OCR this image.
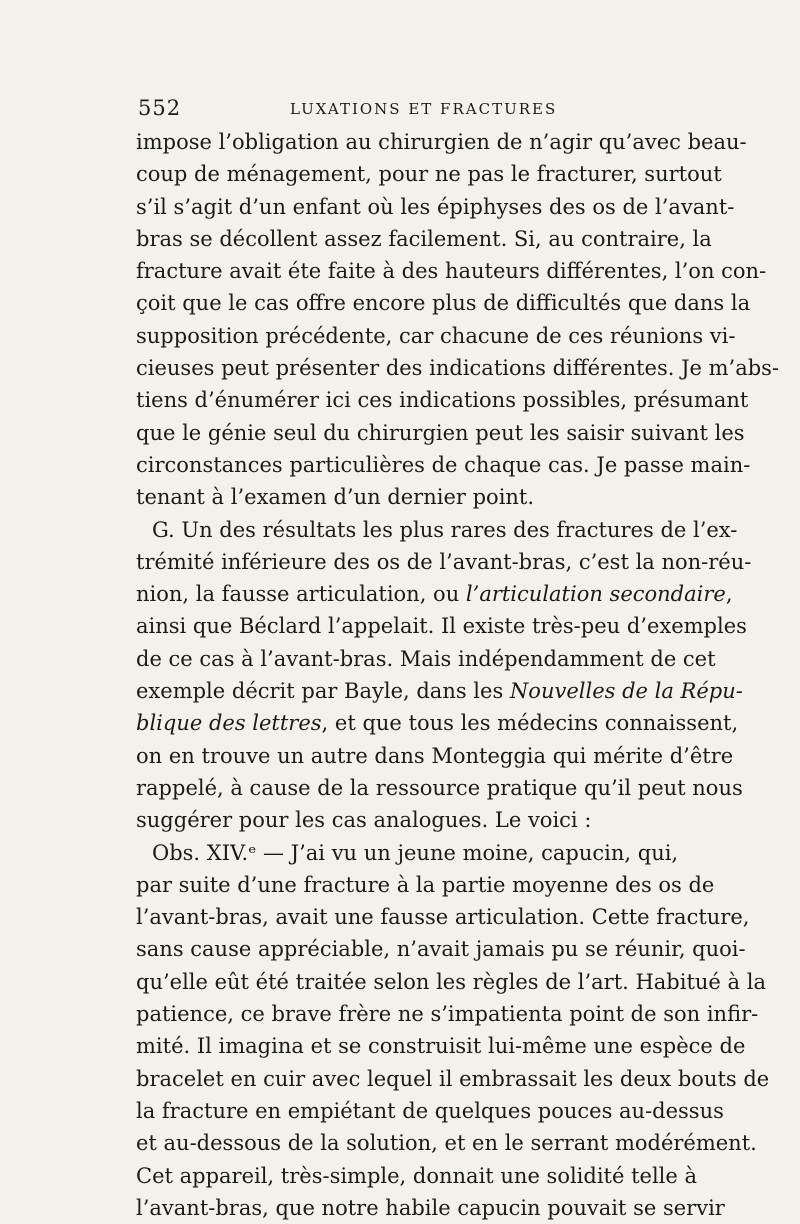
552	LUXATIONS ET FRACTURES
impose l’obligation au chirurgien de n’agir qu’avec beau-
coup de ménagement, pour ne pas le fracturer, surtout
s’il s’agit d’un enfant où les épiphyses des os de l’avant-
bras se décollent assez facilement. Si, au contraire, la
fracture avait éte faite à des hauteurs différentes, l’on con-
çoit que le cas offre encore plus de difficultés que dans la
supposition précédente, car chacune de ces réunions vi-
cieuses peut présenter des indications différentes. Je m’abs-
tiens d’énumérer ici ces indications possibles, présumant
que le génie seul du chirurgien peut les saisir suivant les
circonstances particulières de chaque cas. Je passe main-
tenant à l’examen d’un dernier point.
G. Un des résultats les plus rares des fractures de l’ex-
trémité inférieure des os de l’avant-bras, c’est la non-réu-
nion, la fausse articulation, ou l’articulation secondaire,
ainsi que Béclard l’appelait. Il existe très-peu d’exemples
de ce cas à l’avant-bras. Mais indépendamment de cet
exemple décrit par Bayle, dans les Nouvelles de la Répu-
blique des lettres, et que tous les médecins connaissent,
on en trouve un autre dans Monteggia qui mérite d’être
rappelé, à cause de la ressource pratique qu’il peut nous
suggérer pour les cas analogues. Le voici :
Obs. XIV.ᵉ — J’ai vu un jeune moine, capucin, qui,
par suite d’une fracture à la partie moyenne des os de
l’avant-bras, avait une fausse articulation. Cette fracture,
sans cause appréciable, n’avait jamais pu se réunir, quoi-
qu’elle eût été traitée selon les règles de l’art. Habitué à la
patience, ce brave frère ne s’impatienta point de son infir-
mité. Il imagina et se construisit lui-même une espèce de
bracelet en cuir avec lequel il embrassait les deux bouts de
la fracture en empiétant de quelques pouces au-dessus
et au-dessous de la solution, et en le serrant modérément.
Cet appareil, très-simple, donnait une solidité telle à
l’avant-bras, que notre habile capucin pouvait se servir
